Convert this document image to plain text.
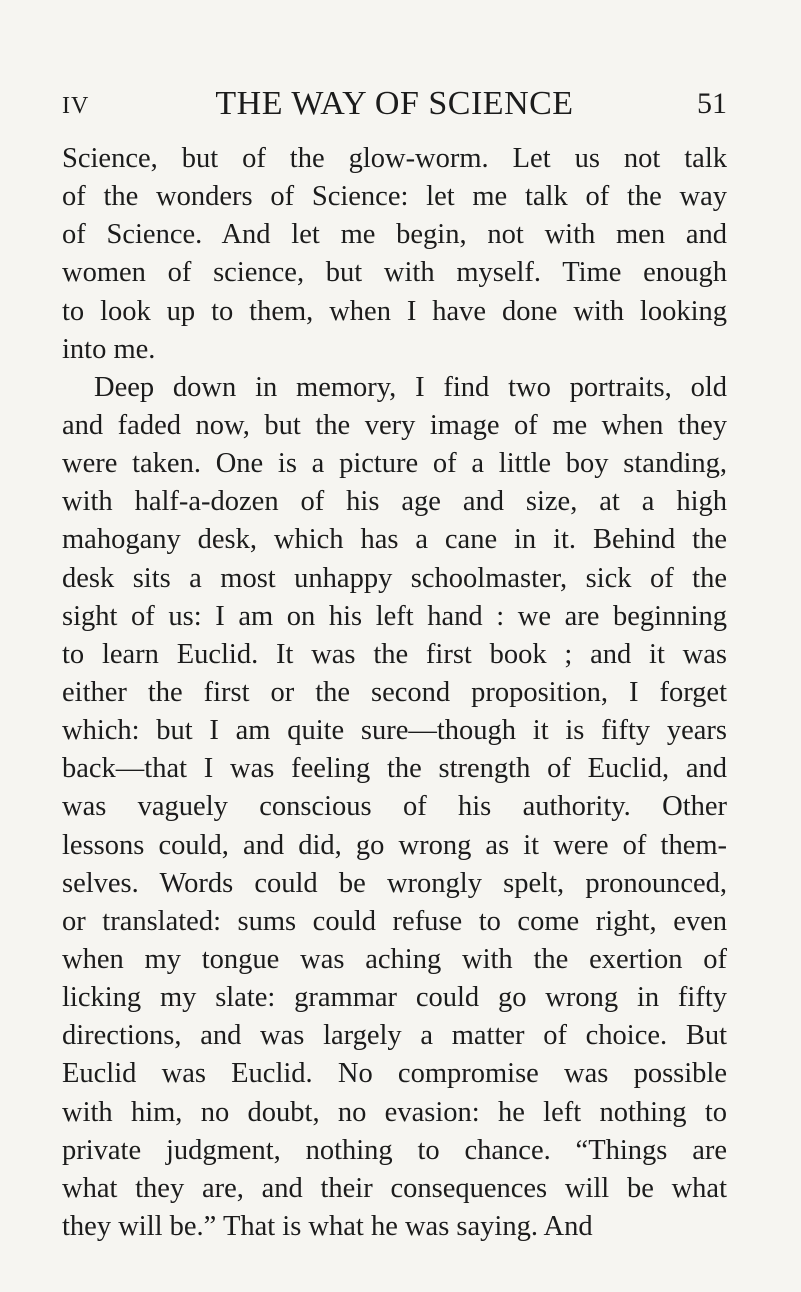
IV	THE WAY OF SCIENCE	51
Science, but of the glow-worm. Let us not talk
of the wonders of Science: let me talk of the way
of Science. And let me begin, not with men and
women of science, but with myself. Time enough
to look up to them, when I have done with looking
into me.
Deep down in memory, I find two portraits, old
and faded now, but the very image of me when they
were taken. One is a picture of a little boy standing,
with half-a-dozen of his age and size, at a high
mahogany desk, which has a cane in it. Behind the
desk sits a most unhappy schoolmaster, sick of the
sight of us: I am on his left hand : we are beginning
to learn Euclid. It was the first book ; and it was
either the first or the second proposition, I forget
which: but I am quite sure—though it is fifty years
back—that I was feeling the strength of Euclid, and
was vaguely conscious of his authority. Other
lessons could, and did, go wrong as it were of them-
selves. Words could be wrongly spelt, pronounced,
or translated: sums could refuse to come right, even
when my tongue was aching with the exertion of
licking my slate: grammar could go wrong in fifty
directions, and was largely a matter of choice. But
Euclid was Euclid. No compromise was possible
with him, no doubt, no evasion: he left nothing to
private judgment, nothing to chance. “Things are
what they are, and their consequences will be what
they will be.” That is what he was saying. And
